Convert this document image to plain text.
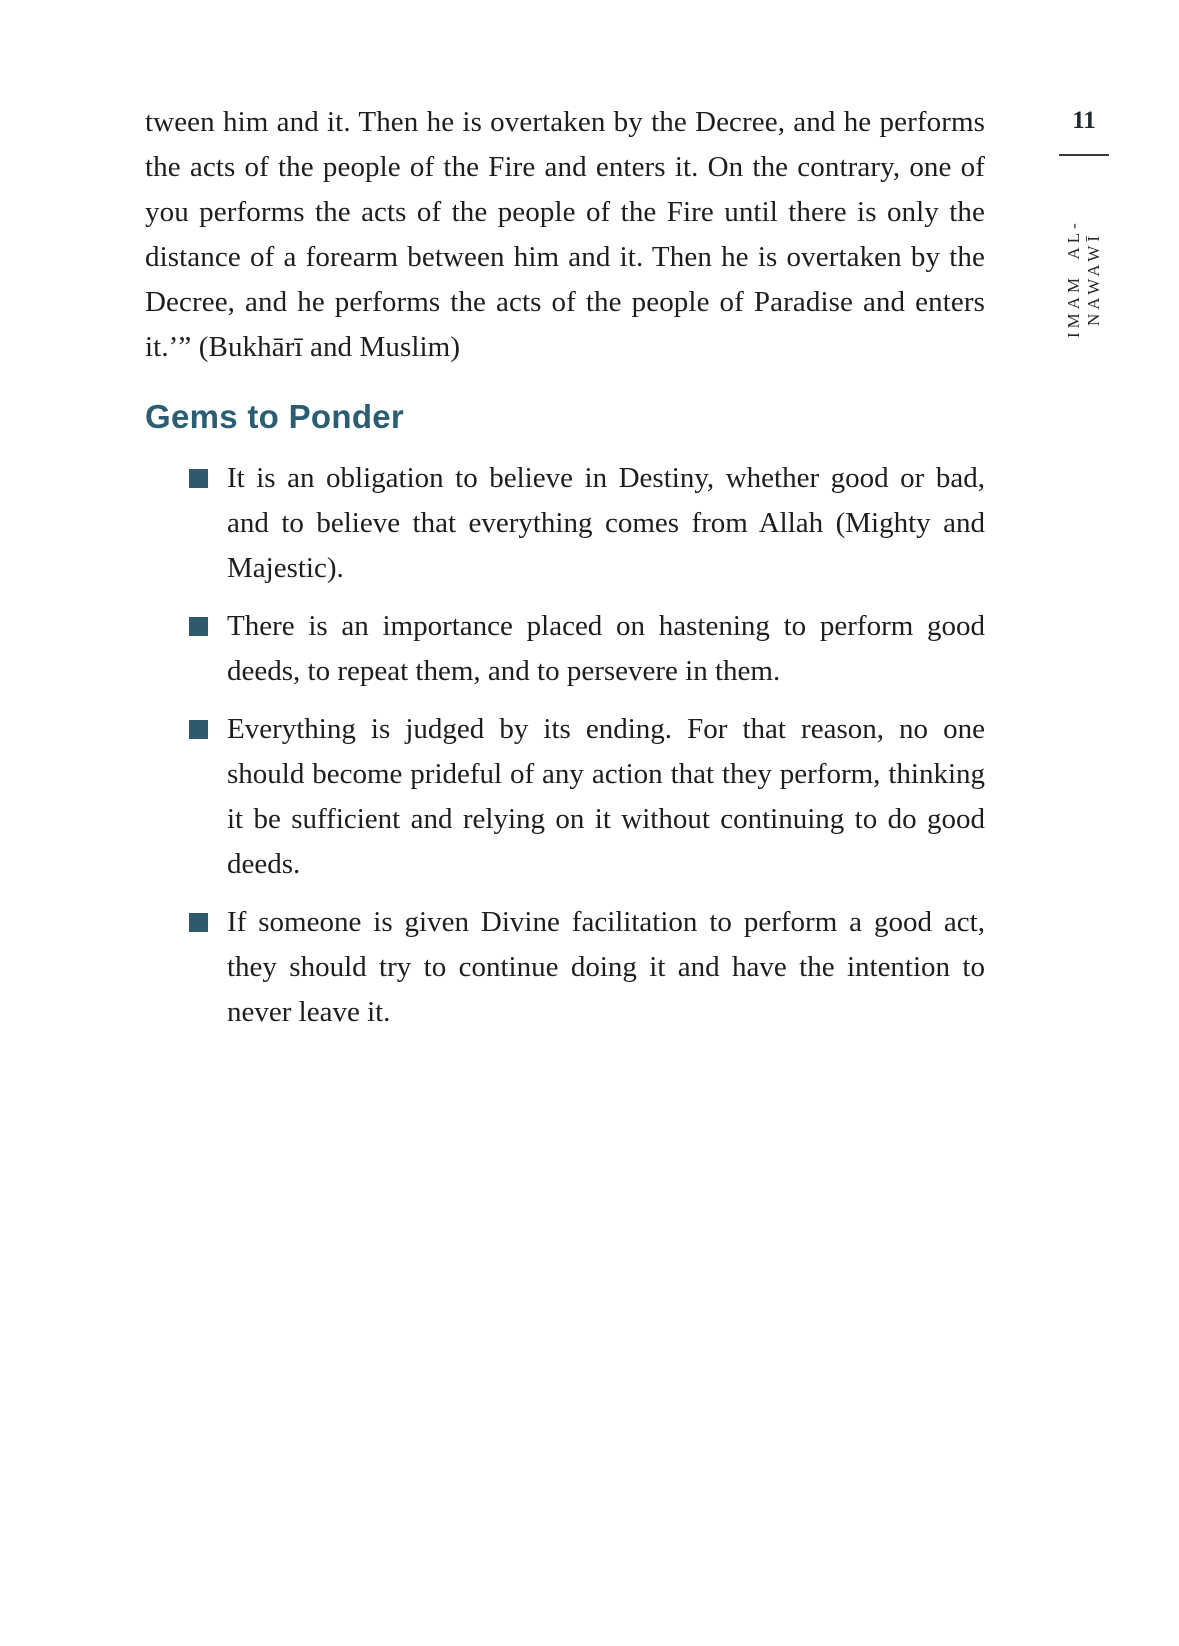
tween him and it. Then he is overtaken by the Decree, and he performs the acts of the people of the Fire and enters it. On the contrary, one of you performs the acts of the people of the Fire until there is only the distance of a forearm between him and it. Then he is overtaken by the Decree, and he performs the acts of the people of Paradise and enters it.’” (Bukhārī and Muslim)

Gems to Ponder
It is an obligation to believe in Destiny, whether good or bad, and to believe that everything comes from Allah (Mighty and Majestic).
There is an importance placed on hastening to perform good deeds, to repeat them, and to persevere in them.
Everything is judged by its ending. For that reason, no one should become prideful of any action that they perform, thinking it be sufficient and relying on it without continuing to do good deeds.
If someone is given Divine facilitation to perform a good act, they should try to continue doing it and have the intention to never leave it.
11
IMAM AL-NAWAWĪ
